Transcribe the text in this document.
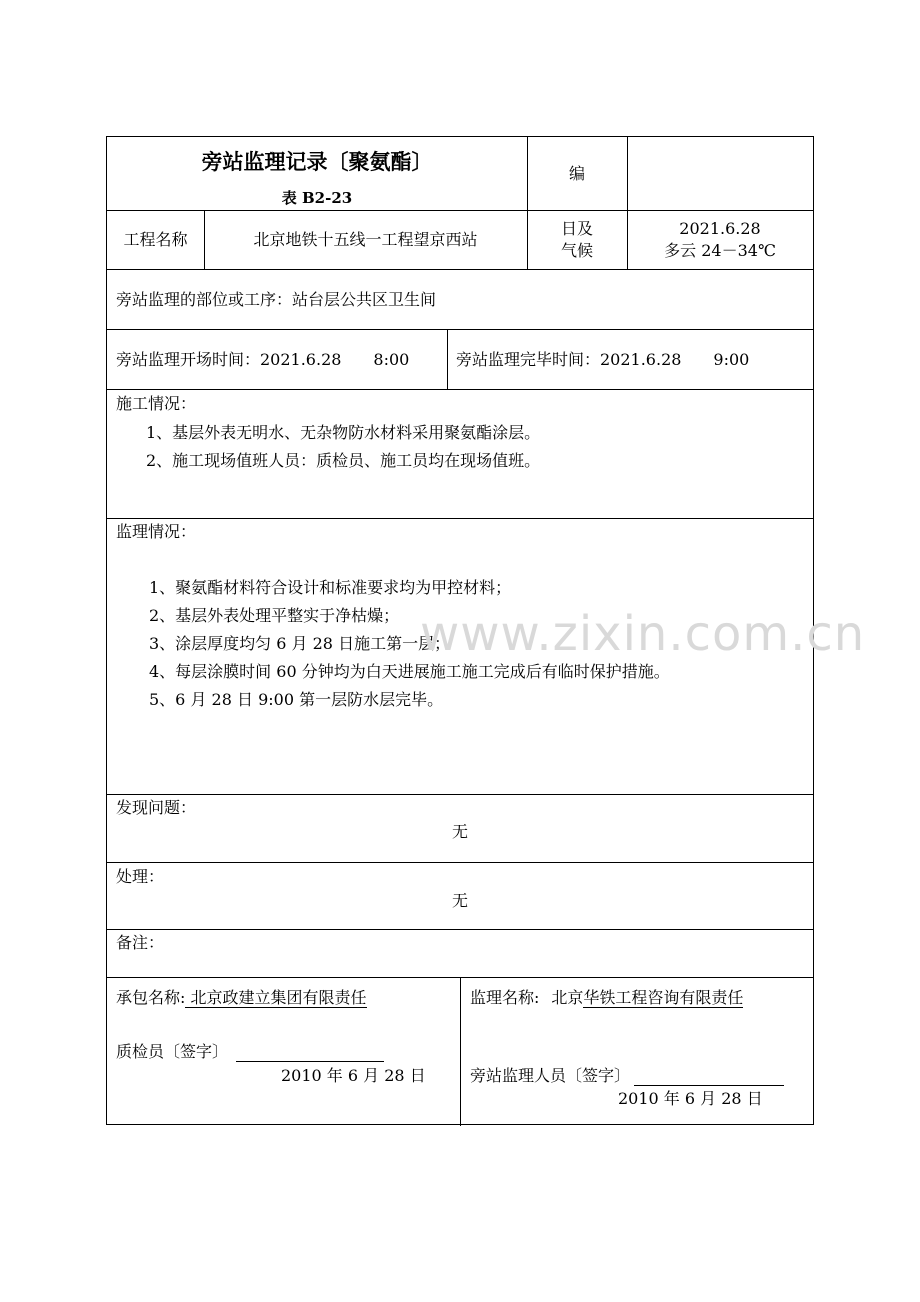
旁站监理记录〔聚氨酯〕
表 B2-23
编
工程名称	北京地铁十五线一工程望京西站
日及
气候
2021.6.28
多云 24－34℃
旁站监理的部位或工序：站台层公共区卫生间
旁站监理开场时间：2021.6.28　　8:00	旁站监理完毕时间：2021.6.28　　9:00
施工情况：
1、基层外表无明水、无杂物防水材料采用聚氨酯涂层。
2、施工现场值班人员：质检员、施工员均在现场值班。
监理情况：
1、聚氨酯材料符合设计和标准要求均为甲控材料；
2、基层外表处理平整实于净枯燥；
3、涂层厚度均匀 6 月 28 日施工第一层；
4、每层涂膜时间 60 分钟均为白天进展施工施工完成后有临时保护措施。
5、6 月 28 日 9:00 第一层防水层完毕。
发现问题：
无
处理：
无
备注：
承包名称: 北京政建立集团有限责任
质检员〔签字〕
2010 年 6 月 28 日
监理名称: 北京华铁工程咨询有限责任
旁站监理人员〔签字〕
2010 年 6 月 28 日
www.zixin.com.cn
